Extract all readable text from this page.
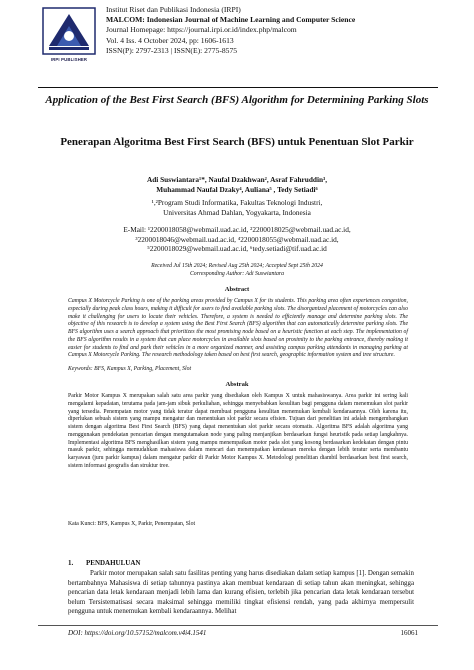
IRPI PUBLISHER
Institut Riset dan Publikasi Indonesia (IRPI)
MALCOM: Indonesian Journal of Machine Learning and Computer Science
Journal Homepage: https://journal.irpi.or.id/index.php/malcom
Vol. 4 Iss. 4 October 2024, pp: 1606-1613
ISSN(P): 2797-2313 | ISSN(E): 2775-8575
Application of the Best First Search (BFS) Algorithm for Determining Parking Slots
Penerapan Algoritma Best First Search (BFS) untuk Penentuan Slot Parkir
Adi Suswiantara¹*, Naufal Dzakhwan², Asraf Fahruddin³,
Muhammad Naufal Dzaky⁴, Auliana⁵ , Tedy Setiadi⁶
¹,²Program Studi Informatika, Fakultas Teknologi Industri,
Universitas Ahmad Dahlan, Yogyakarta, Indonesia
E-Mail: ¹2200018058@webmail.uad.ac.id, ²2200018025@webmail.uad.ac.id,
³2200018046@webmail.uad.ac.id, ⁴2200018055@webmail.uad.ac.id,
⁵2200018029@webmail.uad.ac.id, ⁶tedy.setiadi@tif.uad.ac.id
Received Jul 15th 2024; Revised Aug 25th 2024; Accepted Sept 25th 2024
Corresponding Author: Adi Suswiantara
Abstract
Campus X Motorcycle Parking is one of the parking areas provided by Campus X for its students. This parking area often experiences congestion, especially during peak class hours, making it difficult for users to find available parking slots. The disorganized placement of motorcycles can also make it challenging for users to locate their vehicles. Therefore, a system is needed to efficiently manage and determine parking slots. The objective of this research is to develop a system using the Best First Search (BFS) algorithm that can automatically determine parking slots. The BFS algorithm uses a search approach that prioritizes the most promising node based on a heuristic function at each step. The implementation of the BFS algorithm results in a system that can place motorcycles in available slots based on proximity to the parking entrance, thereby making it easier for students to find and park their vehicles in a more organized manner, and assisting campus parking attendants in managing parking at Campus X Motorcycle Parking. The research methodology taken based on best first search, geographic information system and tree structure.
Keywords: BFS, Kampus X, Parking, Placement, Slot
Abstrak
Parkir Motor Kampus X merupakan salah satu area parkir yang disediakan oleh Kampus X untuk mahasiswanya. Area parkir ini sering kali mengalami kepadatan, terutama pada jam-jam sibuk perkuliahan, sehingga menyebabkan kesulitan bagi pengguna dalam menemukan slot parkir yang tersedia. Penempatan motor yang tidak teratur dapat membuat pengguna kesulitan menemukan kembali kendaraannya. Oleh karena itu, diperlukan sebuah sistem yang mampu mengatur dan menentukan slot parkir secara efisien. Tujuan dari penelitian ini adalah mengembangkan sistem dengan algoritma Best First Search (BFS) yang dapat menentukan slot parkir secara otomatis. Algoritma BFS adalah algoritma yang menggunakan pendekatan pencarian dengan mengutamakan node yang paling menjanjikan berdasarkan fungsi heuristik pada setiap langkahnya. Implementasi algoritma BFS menghasilkan sistem yang mampu menempatkan motor pada slot yang kosong berdasarkan kedekatan dengan pintu masuk parkir, sehingga memudahkan mahasiswa dalam mencari dan menempatkan kendaraan mereka dengan lebih teratur serta membantu karyawan (juru parkir kampus) dalam mengatur parkir di Parkir Motor Kampus X. Metodologi penelitian diambil berdasarkan best first search, sistem informasi geografis dan struktur tree.
Kata Kunci: BFS, Kampus X, Parkir, Penempatan, Slot
1. PENDAHULUAN
Parkir motor merupakan salah satu fasilitas penting yang harus disediakan dalam setiap kampus [1]. Dengan semakin bertambahnya Mahasiswa di setiap tahunnya pastinya akan membuat kendaraan di setiap tahun akan meningkat, sehingga pencarian data letak kendaraan menjadi lebih lama dan kurang efisien, terlebih jika pencarian data letak kendaraan tersebut belum Tersistematisasi secara maksimal sehingga memiliki tingkat efisiensi rendah, yang pada akhirnya mempersulit pengguna untuk menemukan kembali kendaraannya. Melihat
DOI: https://doi.org/10.57152/malcom.v4i4.1541	16061
